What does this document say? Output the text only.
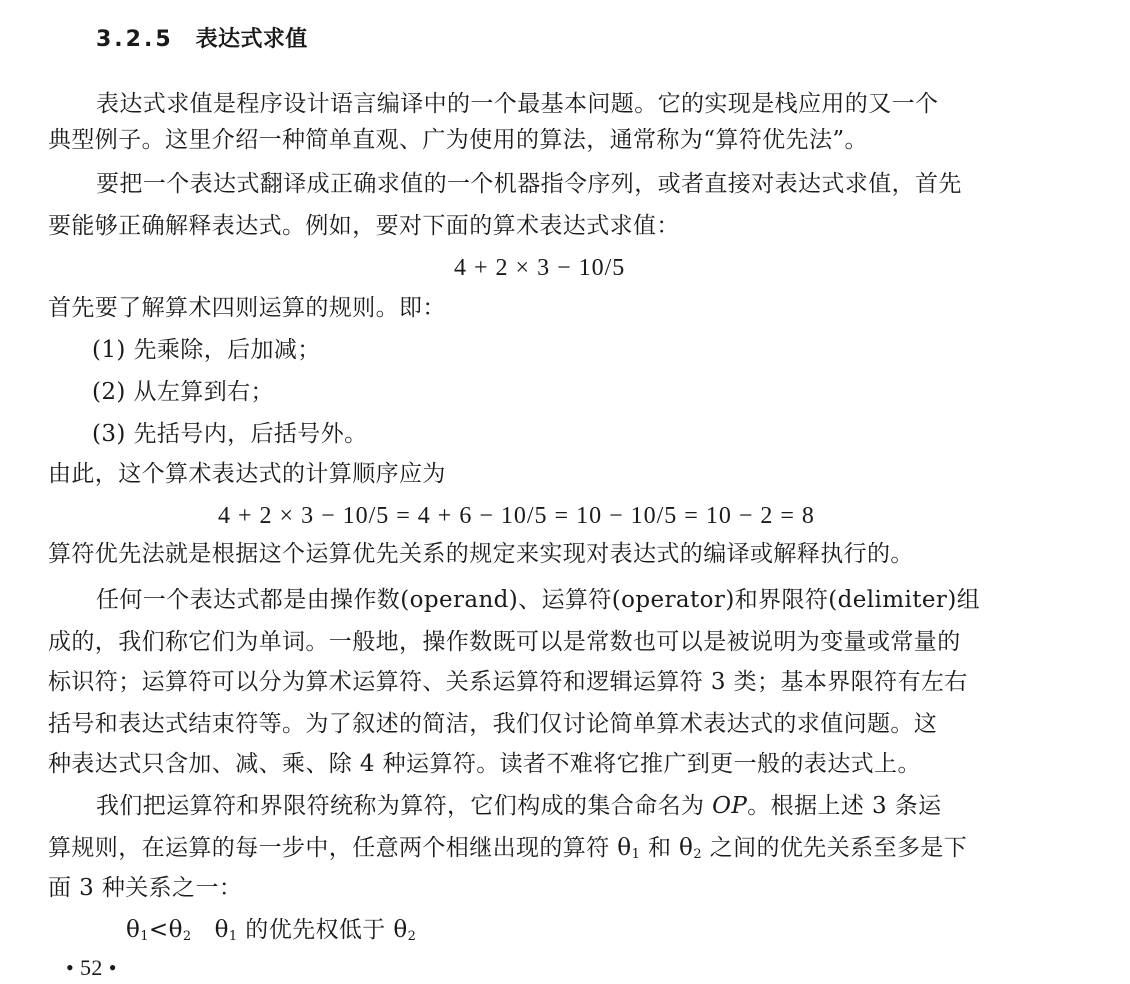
3.2.5 表达式求值
表达式求值是程序设计语言编译中的一个最基本问题。它的实现是栈应用的又一个
典型例子。这里介绍一种简单直观、广为使用的算法，通常称为“算符优先法”。
要把一个表达式翻译成正确求值的一个机器指令序列，或者直接对表达式求值，首先
要能够正确解释表达式。例如，要对下面的算术表达式求值：
4 + 2 × 3 − 10/5
首先要了解算术四则运算的规则。即：
(1) 先乘除，后加减；
(2) 从左算到右；
(3) 先括号内，后括号外。
由此，这个算术表达式的计算顺序应为
4 + 2 × 3 − 10/5 = 4 + 6 − 10/5 = 10 − 10/5 = 10 − 2 = 8
算符优先法就是根据这个运算优先关系的规定来实现对表达式的编译或解释执行的。
任何一个表达式都是由操作数(operand)、运算符(operator)和界限符(delimiter)组
成的，我们称它们为单词。一般地，操作数既可以是常数也可以是被说明为变量或常量的
标识符；运算符可以分为算术运算符、关系运算符和逻辑运算符 3 类；基本界限符有左右
括号和表达式结束符等。为了叙述的简洁，我们仅讨论简单算术表达式的求值问题。这
种表达式只含加、减、乘、除 4 种运算符。读者不难将它推广到更一般的表达式上。
我们把运算符和界限符统称为算符，它们构成的集合命名为 OP。根据上述 3 条运
算规则，在运算的每一步中，任意两个相继出现的算符 $\theta_1$ 和 $\theta_2$ 之间的优先关系至多是下
面 3 种关系之一：
$\theta_1<\theta_2$   $\theta_1$ 的优先权低于 $\theta_2$
• 52 •
